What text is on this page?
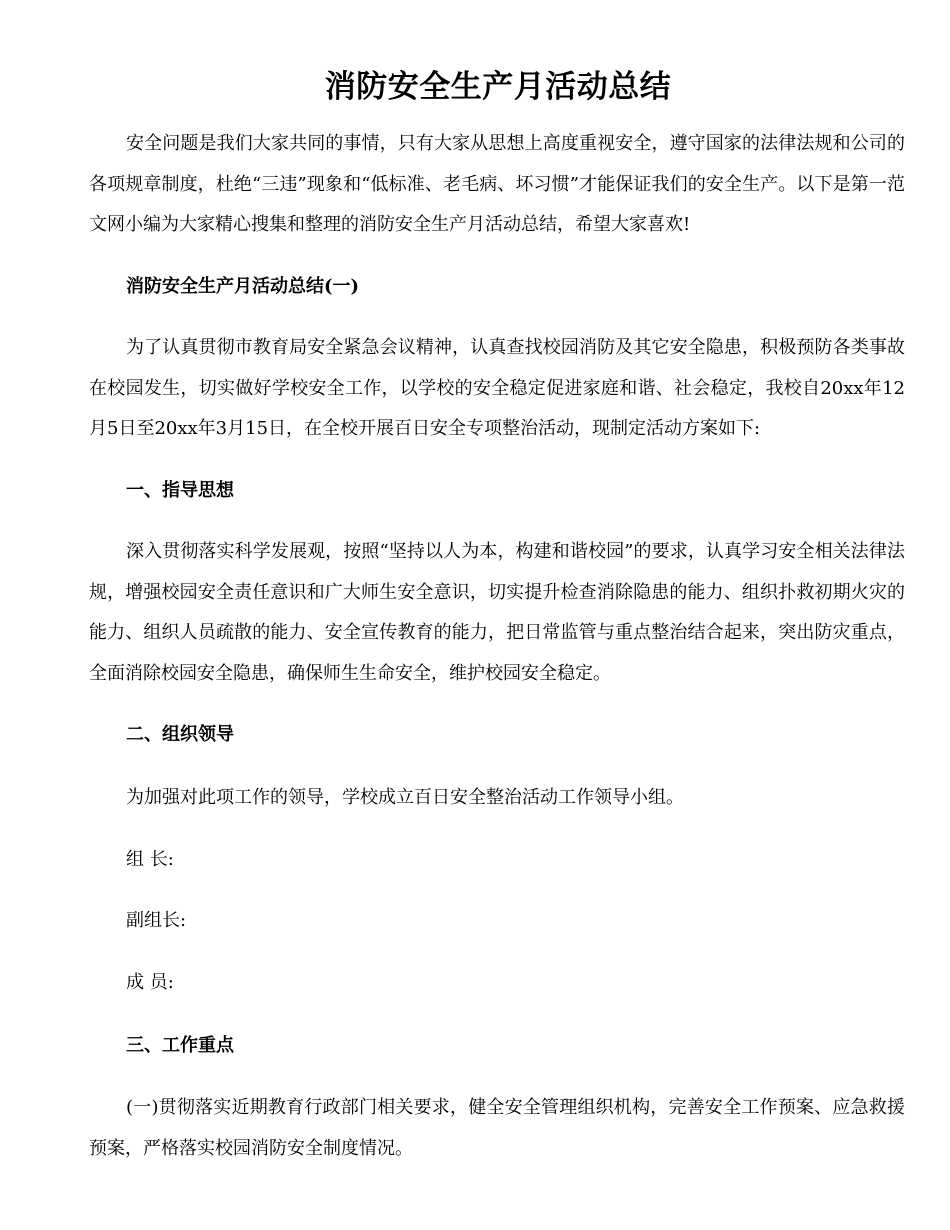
消防安全生产月活动总结
安全问题是我们大家共同的事情，只有大家从思想上高度重视安全，遵守国家的法律法规和公司的各项规章制度，杜绝“三违”现象和“低标准、老毛病、坏习惯”才能保证我们的安全生产。以下是第一范文网小编为大家精心搜集和整理的消防安全生产月活动总结，希望大家喜欢!
消防安全生产月活动总结(一)
为了认真贯彻市教育局安全紧急会议精神，认真查找校园消防及其它安全隐患，积极预防各类事故在校园发生，切实做好学校安全工作，以学校的安全稳定促进家庭和谐、社会稳定，我校自20xx年12月5日至20xx年3月15日，在全校开展百日安全专项整治活动，现制定活动方案如下:
一、指导思想
深入贯彻落实科学发展观，按照“坚持以人为本，构建和谐校园”的要求，认真学习安全相关法律法规，增强校园安全责任意识和广大师生安全意识，切实提升检查消除隐患的能力、组织扑救初期火灾的能力、组织人员疏散的能力、安全宣传教育的能力，把日常监管与重点整治结合起来，突出防灾重点，全面消除校园安全隐患，确保师生生命安全，维护校园安全稳定。
二、组织领导
为加强对此项工作的领导，学校成立百日安全整治活动工作领导小组。
组 长:
副组长:
成 员:
三、工作重点
(一)贯彻落实近期教育行政部门相关要求，健全安全管理组织机构，完善安全工作预案、应急救援预案，严格落实校园消防安全制度情况。
